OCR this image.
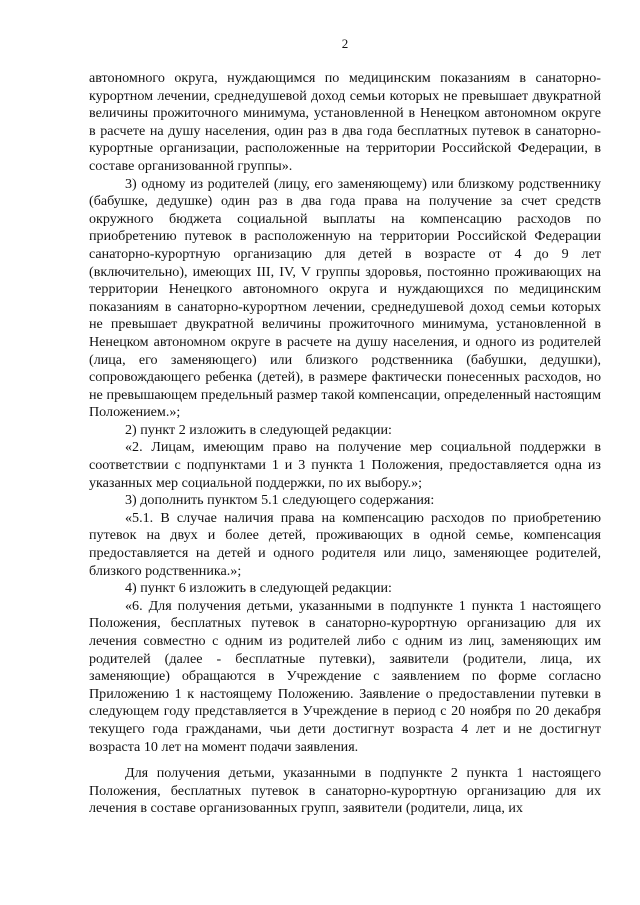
2

автономного округа, нуждающимся по медицинским показаниям в санаторно-курортном лечении, среднедушевой доход семьи которых не превышает двукратной величины прожиточного минимума, установленной в Ненецком автономном округе в расчете на душу населения, один раз в два года бесплатных путевок в санаторно-курортные организации, расположенные на территории Российской Федерации, в составе организованной группы».

3) одному из родителей (лицу, его заменяющему) или близкому родственнику (бабушке, дедушке) один раз в два года права на получение за счет средств окружного бюджета социальной выплаты на компенсацию расходов по приобретению путевок в расположенную на территории Российской Федерации санаторно-курортную организацию для детей в возрасте от 4 до 9 лет (включительно), имеющих III, IV, V группы здоровья, постоянно проживающих на территории Ненецкого автономного округа и нуждающихся по медицинским показаниям в санаторно-курортном лечении, среднедушевой доход семьи которых не превышает двукратной величины прожиточного минимума, установленной в Ненецком автономном округе в расчете на душу населения, и одного из родителей (лица, его заменяющего) или близкого родственника (бабушки, дедушки), сопровождающего ребенка (детей), в размере фактически понесенных расходов, но не превышающем предельный размер такой компенсации, определенный настоящим Положением.»;

2) пункт 2 изложить в следующей редакции:

«2. Лицам, имеющим право на получение мер социальной поддержки в соответствии с подпунктами 1 и 3 пункта 1 Положения, предоставляется одна из указанных мер социальной поддержки, по их выбору.»;

3) дополнить пунктом 5.1 следующего содержания:

«5.1. В случае наличия права на компенсацию расходов по приобретению путевок на двух и более детей, проживающих в одной семье, компенсация предоставляется на детей и одного родителя или лицо, заменяющее родителей, близкого родственника.»;

4) пункт 6 изложить в следующей редакции:

«6. Для получения детьми, указанными в подпункте 1 пункта 1 настоящего Положения, бесплатных путевок в санаторно-курортную организацию для их лечения совместно с одним из родителей либо с одним из лиц, заменяющих им родителей (далее - бесплатные путевки), заявители (родители, лица, их заменяющие) обращаются в Учреждение с заявлением по форме согласно Приложению 1 к настоящему Положению. Заявление о предоставлении путевки в следующем году представляется в Учреждение в период с 20 ноября по 20 декабря текущего года гражданами, чьи дети достигнут возраста 4 лет и не достигнут возраста 10 лет на момент подачи заявления.

Для получения детьми, указанными в подпункте 2 пункта 1 настоящего Положения, бесплатных путевок в санаторно-курортную организацию для их лечения в составе организованных групп, заявители (родители, лица, их
